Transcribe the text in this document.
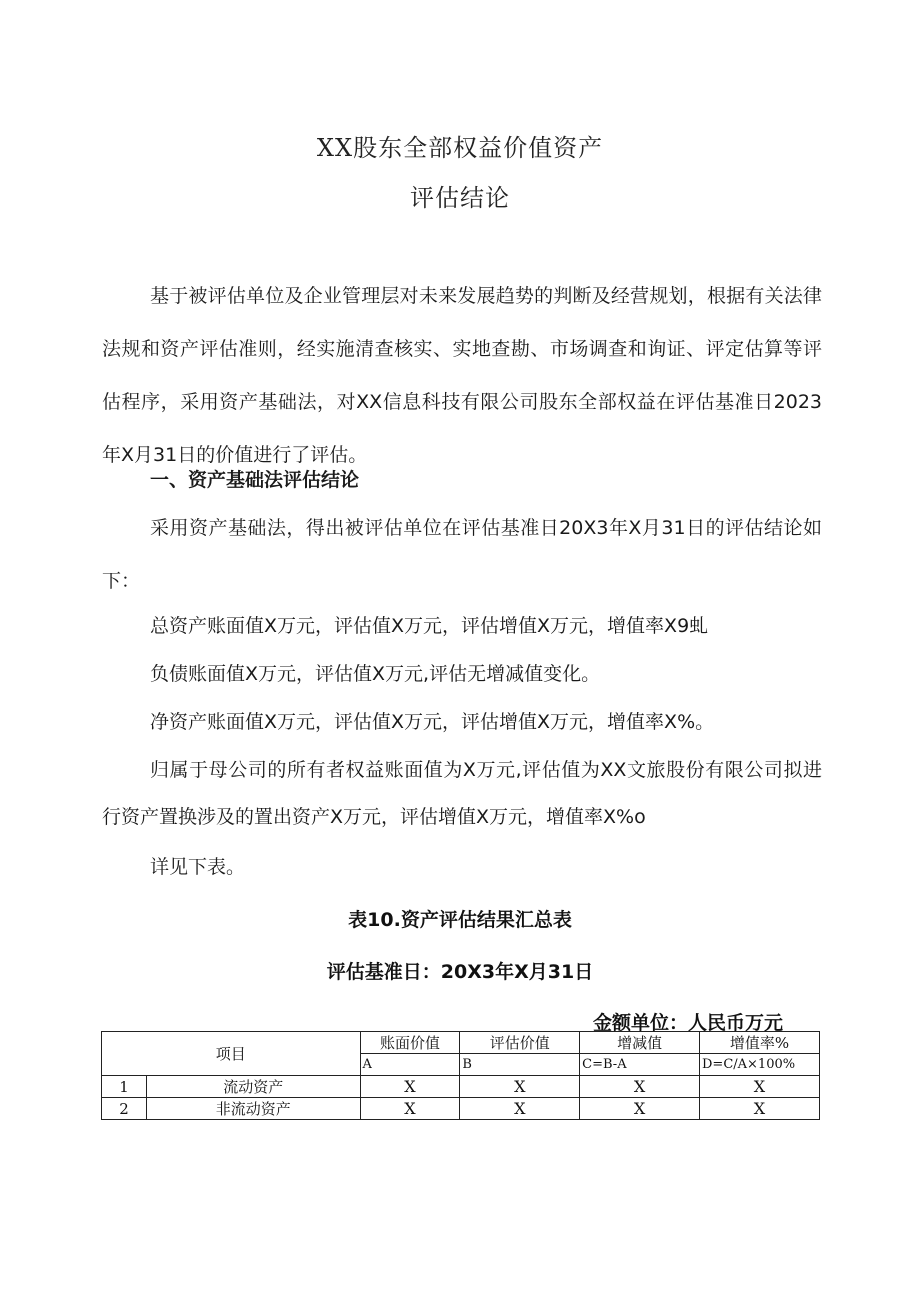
XX股东全部权益价值资产
评估结论
基于被评估单位及企业管理层对未来发展趋势的判断及经营规划，根据有关法律法规和资产评估准则，经实施清查核实、实地查勘、市场调查和询证、评定估算等评估程序，采用资产基础法，对XX信息科技有限公司股东全部权益在评估基准日2023年X月31日的价值进行了评估。
一、资产基础法评估结论
采用资产基础法，得出被评估单位在评估基准日20X3年X月31日的评估结论如下：
总资产账面值X万元，评估值X万元，评估增值X万元，增值率X9虬
负债账面值X万元，评估值X万元,评估无增减值变化。
净资产账面值X万元，评估值X万元，评估增值X万元，增值率X%。
归属于母公司的所有者权益账面值为X万元,评估值为XX文旅股份有限公司拟进行资产置换涉及的置出资产X万元，评估增值X万元，增值率X%o
详见下表。
表10.资产评估结果汇总表
评估基准日：20X3年X月31日
金额单位：人民币万元
项目		账面价值	评估价值	增减值	增值率%
		A	B	C=B-A	D=C/A×100%
1	流动资产	X	X	X	X
2	非流动资产	X	X	X	X
